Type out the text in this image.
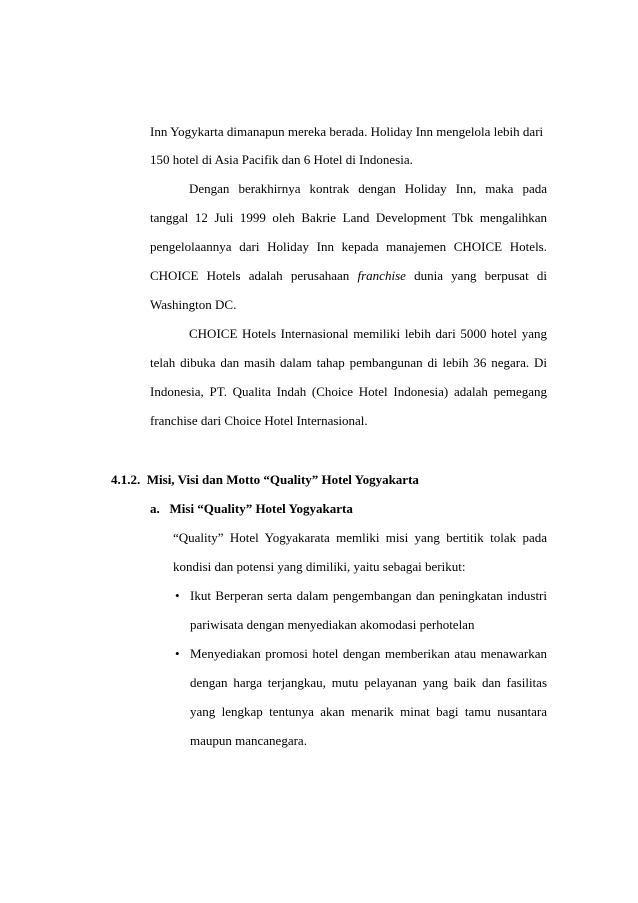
Inn Yogykarta dimanapun mereka berada. Holiday Inn mengelola lebih dari
150 hotel di Asia Pacifik dan 6 Hotel di Indonesia.
Dengan berakhirnya kontrak dengan Holiday Inn, maka pada
tanggal 12 Juli 1999 oleh Bakrie Land Development Tbk mengalihkan
pengelolaannya dari Holiday Inn kepada manajemen CHOICE Hotels.
CHOICE Hotels adalah perusahaan franchise dunia yang berpusat di
Washington DC.
CHOICE Hotels Internasional memiliki lebih dari 5000 hotel yang
telah dibuka dan masih dalam tahap pembangunan di lebih 36 negara. Di
Indonesia, PT. Qualita Indah (Choice Hotel Indonesia) adalah pemegang
franchise dari Choice Hotel Internasional.
4.1.2.  Misi, Visi dan Motto “Quality” Hotel Yogyakarta
a.   Misi “Quality” Hotel Yogyakarta
“Quality” Hotel Yogyakarata memliki misi yang bertitik tolak pada
kondisi dan potensi yang dimiliki, yaitu sebagai berikut:
• Ikut Berperan serta dalam pengembangan dan peningkatan industri
pariwisata dengan menyediakan akomodasi perhotelan
• Menyediakan promosi hotel dengan memberikan atau menawarkan
dengan harga terjangkau, mutu pelayanan yang baik dan fasilitas
yang lengkap tentunya akan menarik minat bagi tamu nusantara
maupun mancanegara.
